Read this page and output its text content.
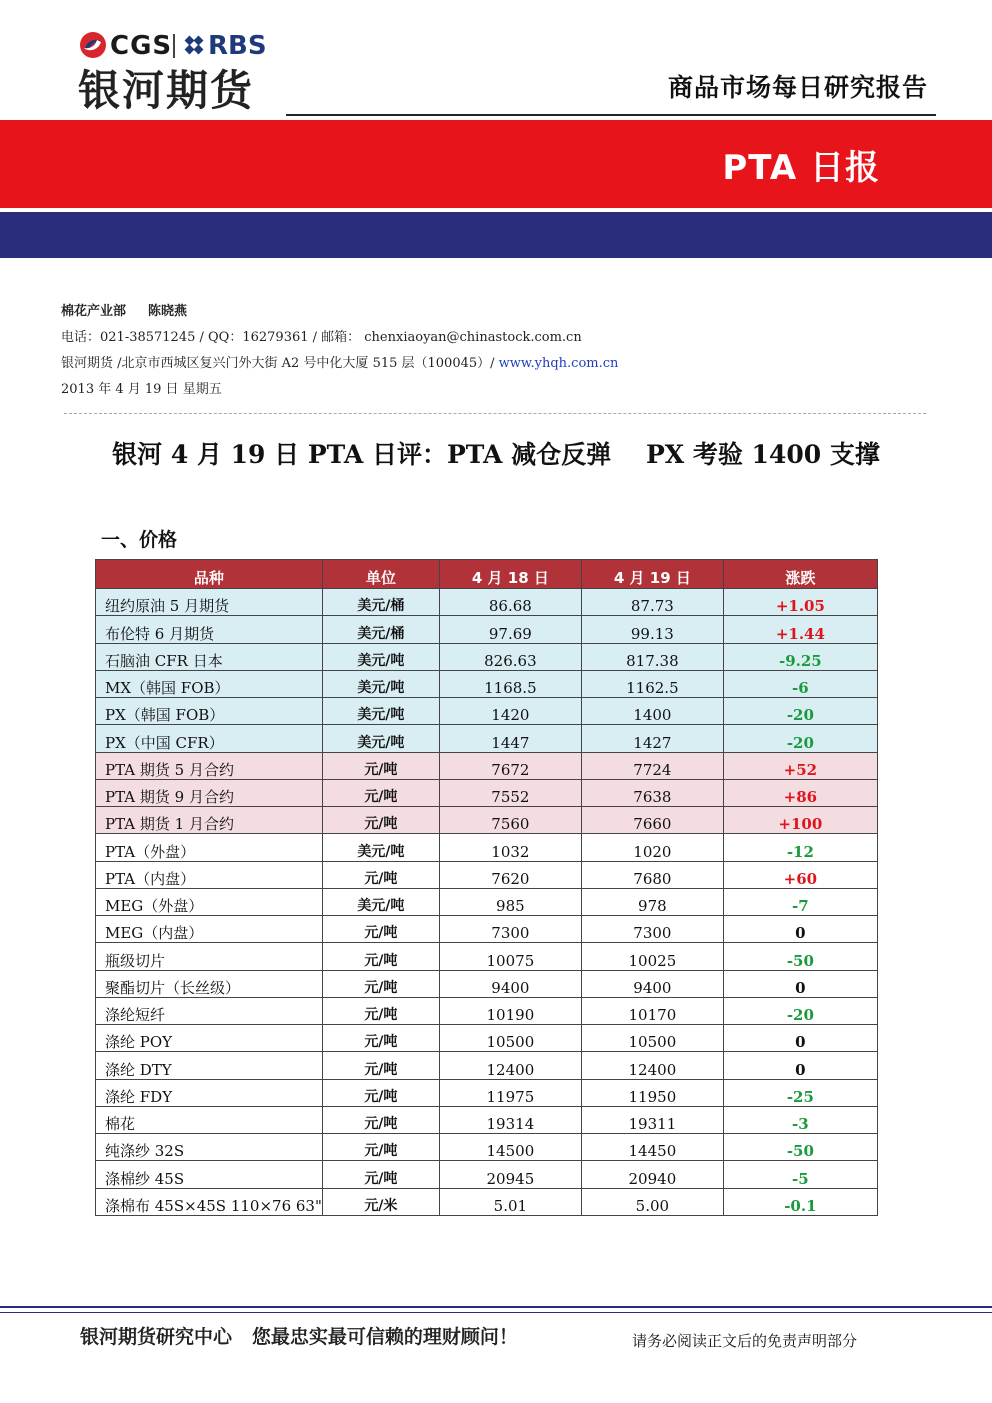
CGS RBS
银河期货	商品市场每日研究报告
PTA 日报
棉花产业部 陈晓燕
电话：021-38571245 / QQ：16279361 / 邮箱： chenxiaoyan@chinastock.com.cn
银河期货 /北京市西城区复兴门外大街 A2 号中化大厦 515 层（100045）/ www.yhqh.com.cn
2013 年 4 月 19 日 星期五
银河 4 月 19 日 PTA 日评：PTA 减仓反弹    PX 考验 1400 支撑
一、价格
品种	单位	4 月 18 日	4 月 19 日	涨跌
纽约原油 5 月期货	美元/桶	86.68	87.73	+1.05
布伦特 6 月期货	美元/桶	97.69	99.13	+1.44
石脑油 CFR 日本	美元/吨	826.63	817.38	-9.25
MX（韩国 FOB）	美元/吨	1168.5	1162.5	-6
PX（韩国 FOB）	美元/吨	1420	1400	-20
PX（中国 CFR）	美元/吨	1447	1427	-20
PTA 期货 5 月合约	元/吨	7672	7724	+52
PTA 期货 9 月合约	元/吨	7552	7638	+86
PTA 期货 1 月合约	元/吨	7560	7660	+100
PTA（外盘）	美元/吨	1032	1020	-12
PTA（内盘）	元/吨	7620	7680	+60
MEG（外盘）	美元/吨	985	978	-7
MEG（内盘）	元/吨	7300	7300	0
瓶级切片	元/吨	10075	10025	-50
聚酯切片（长丝级）	元/吨	9400	9400	0
涤纶短纤	元/吨	10190	10170	-20
涤纶 POY	元/吨	10500	10500	0
涤纶 DTY	元/吨	12400	12400	0
涤纶 FDY	元/吨	11975	11950	-25
棉花	元/吨	19314	19311	-3
纯涤纱 32S	元/吨	14500	14450	-50
涤棉纱 45S	元/吨	20945	20940	-5
涤棉布 45S×45S 110×76 63"	元/米	5.01	5.00	-0.1
银河期货研究中心   您最忠实最可信赖的理财顾问！	请务必阅读正文后的免责声明部分
